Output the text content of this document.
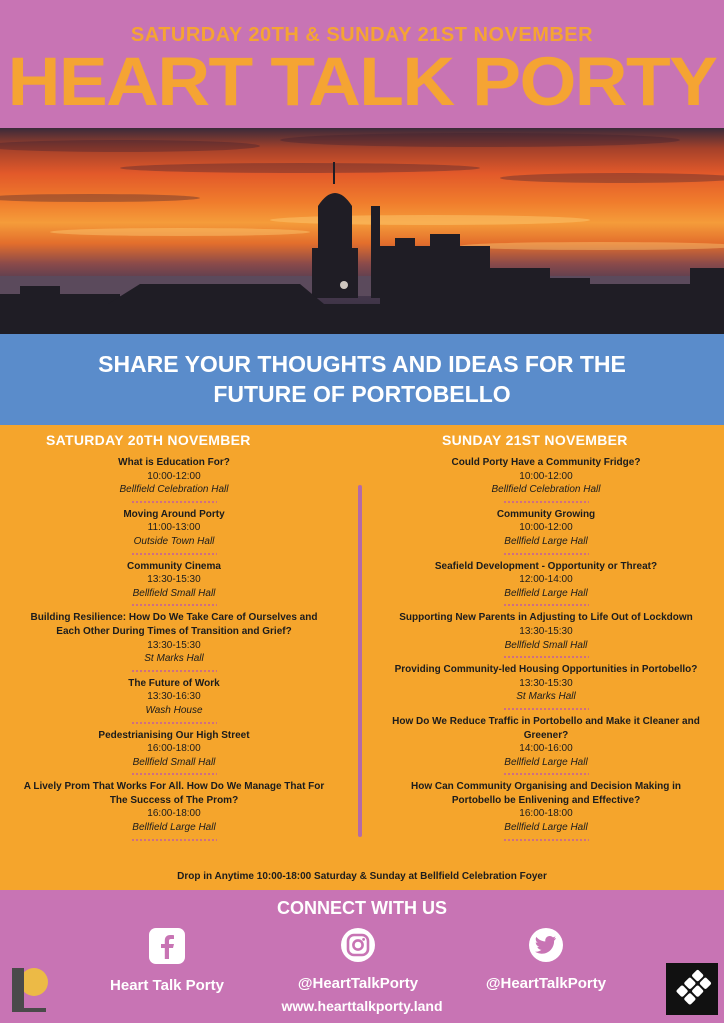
SATURDAY 20TH & SUNDAY 21ST NOVEMBER
HEART TALK PORTY
SHARE YOUR THOUGHTS AND IDEAS FOR THE
FUTURE OF PORTOBELLO
SATURDAY 20TH NOVEMBER
What is Education For?
10:00-12:00
Bellfield Celebration Hall
Moving Around Porty
11:00-13:00
Outside Town Hall
Community Cinema
13:30-15:30
Bellfield Small Hall
Building Resilience: How Do We Take Care of Ourselves and Each Other During Times of Transition and Grief?
13:30-15:30
St Marks Hall
The Future of Work
13:30-16:30
Wash House
Pedestrianising Our High Street
16:00-18:00
Bellfield Small Hall
A Lively Prom That Works For All. How Do We Manage That For The Success of The Prom?
16:00-18:00
Bellfield Large Hall
SUNDAY 21ST NOVEMBER
Could Porty Have a Community Fridge?
10:00-12:00
Bellfield Celebration Hall
Community Growing
10:00-12:00
Bellfield Large Hall
Seafield Development - Opportunity or Threat?
12:00-14:00
Bellfield Large Hall
Supporting New Parents in Adjusting to Life Out of Lockdown
13:30-15:30
Bellfield Small Hall
Providing Community-led Housing Opportunities in Portobello?
13:30-15:30
St Marks Hall
How Do We Reduce Traffic in Portobello and Make it Cleaner and Greener?
14:00-16:00
Bellfield Large Hall
How Can Community Organising and Decision Making in Portobello be Enlivening and Effective?
16:00-18:00
Bellfield Large Hall
Drop in Anytime 10:00-18:00 Saturday & Sunday at Bellfield Celebration Foyer
CONNECT WITH US
Heart Talk Porty	@HeartTalkPorty	@HeartTalkPorty
www.hearttalkporty.land
